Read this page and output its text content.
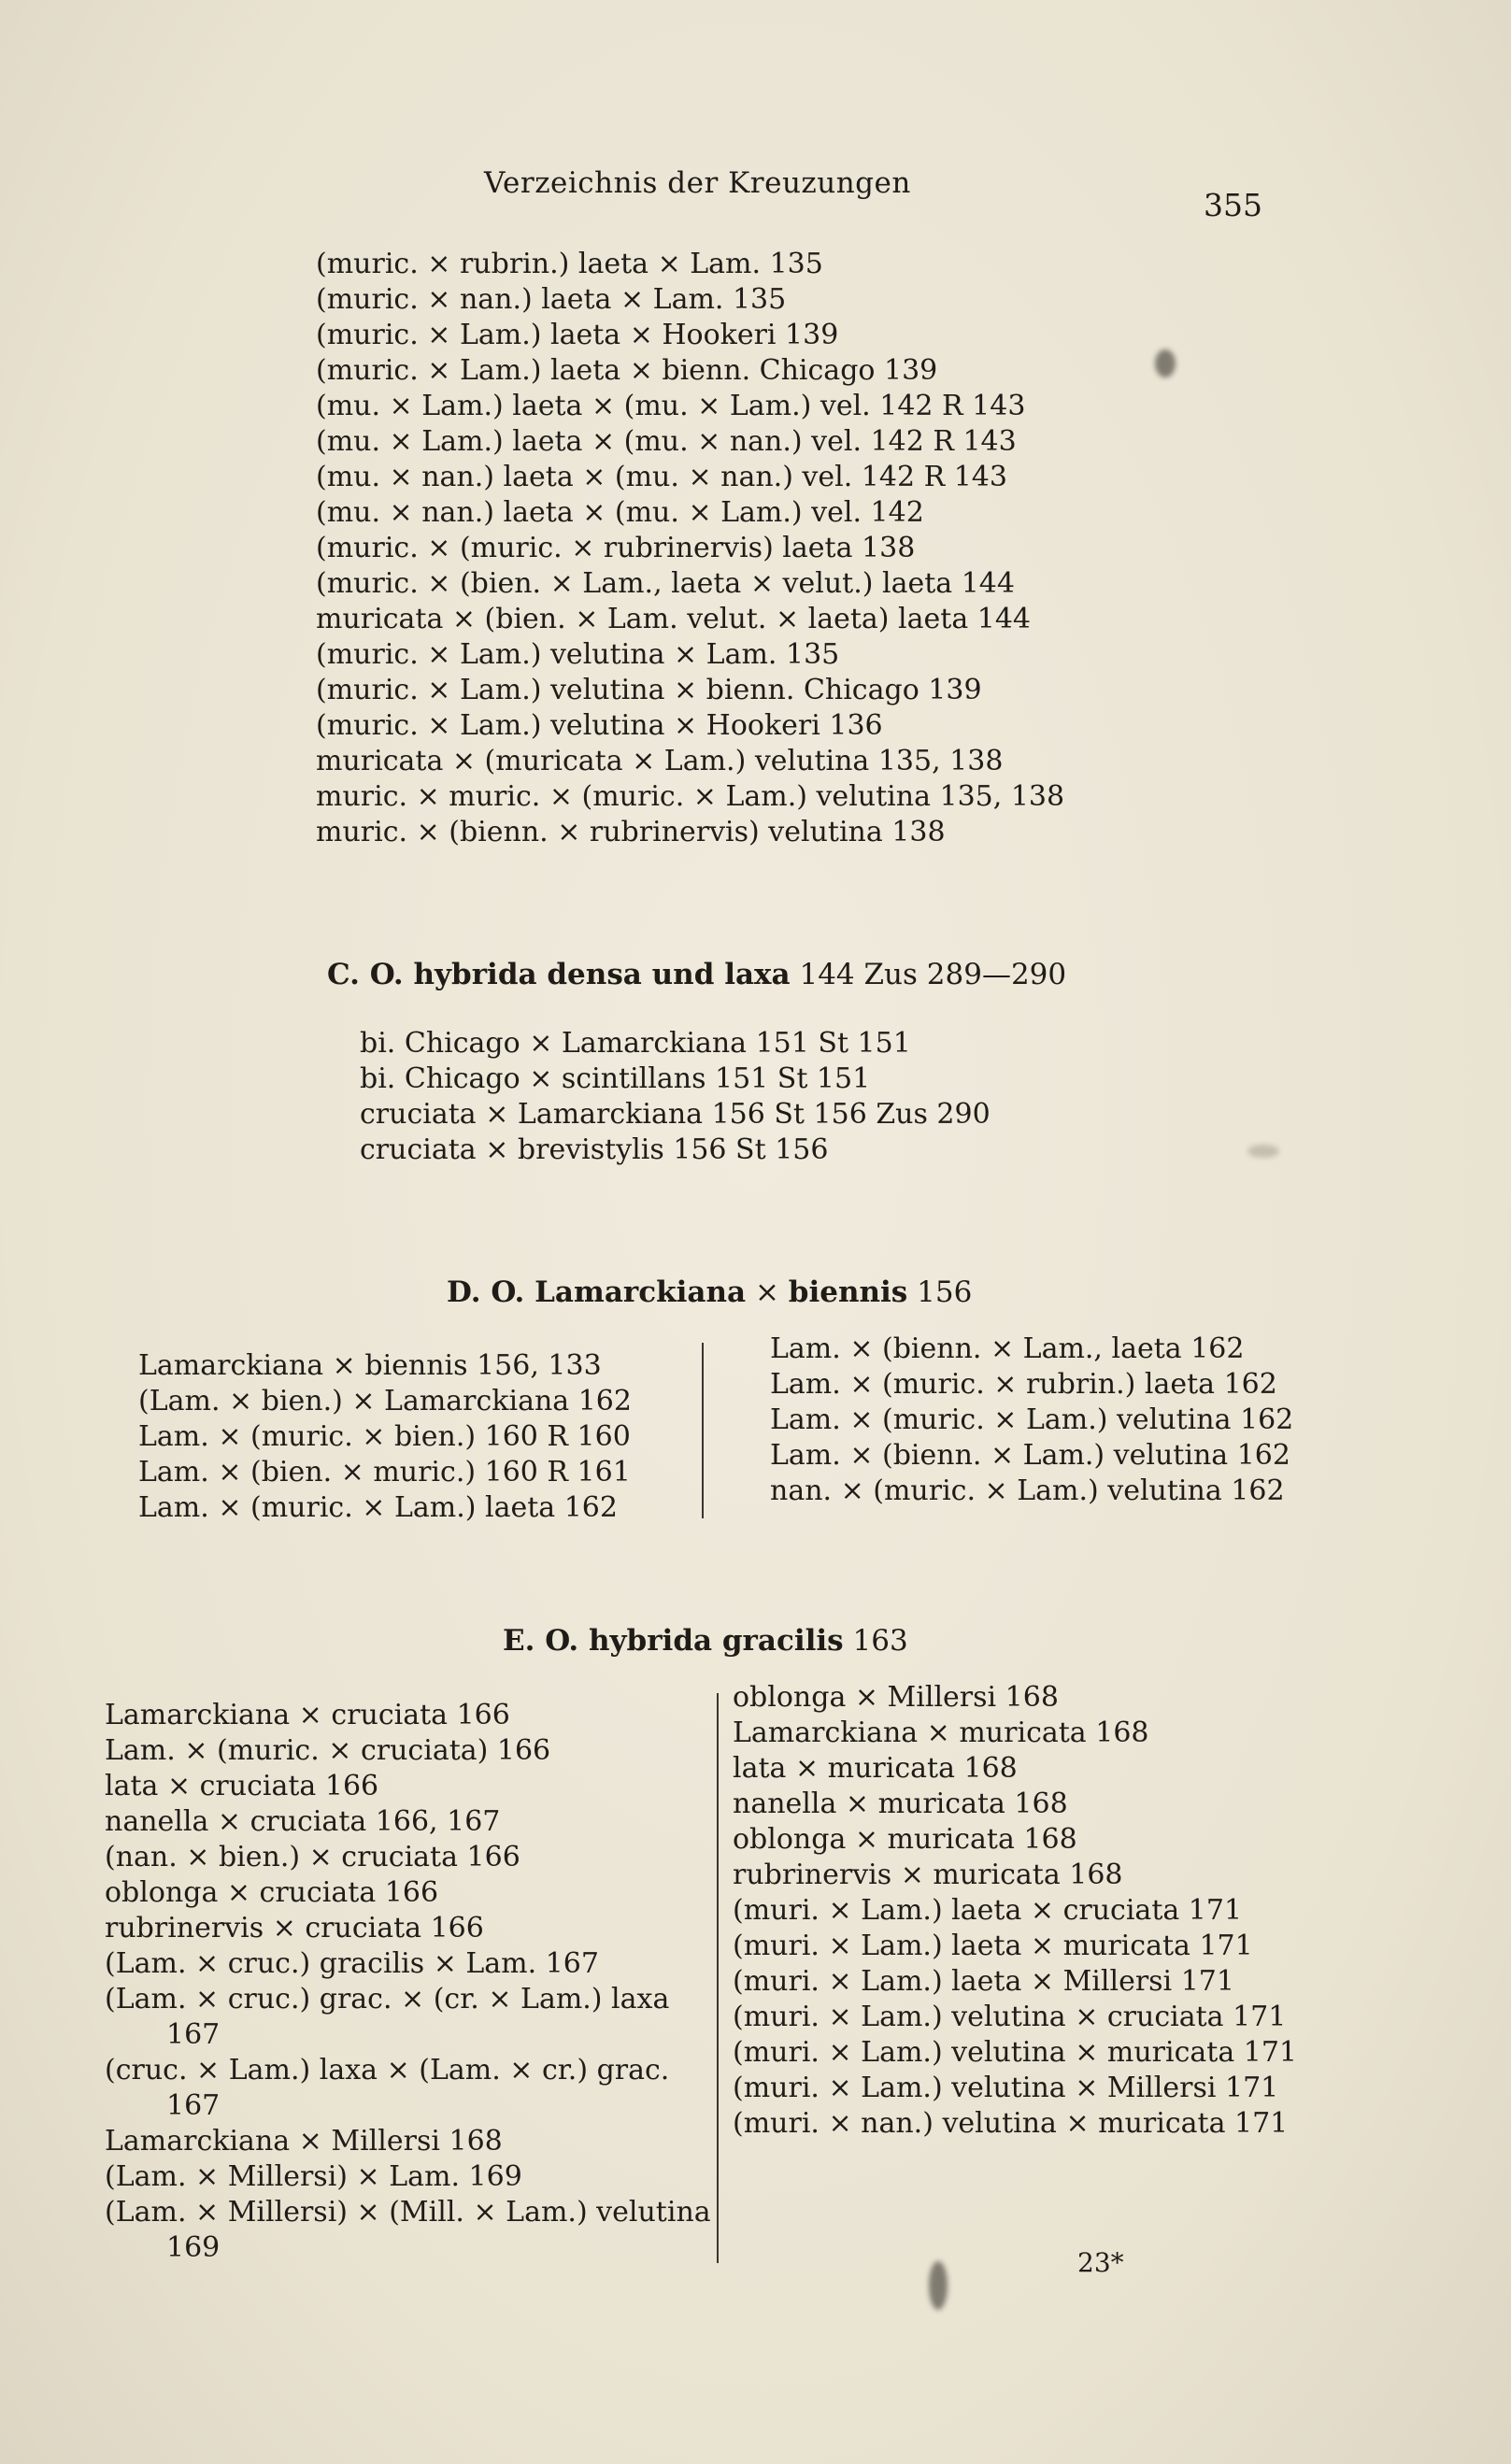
Verzeichnis der Kreuzungen
355
(muric. × rubrin.) laeta × Lam. 135
(muric. × nan.) laeta × Lam. 135
(muric. × Lam.) laeta × Hookeri 139
(muric. × Lam.) laeta × bienn. Chicago 139
(mu. × Lam.) laeta × (mu. × Lam.) vel. 142 R 143
(mu. × Lam.) laeta × (mu. × nan.) vel. 142 R 143
(mu. × nan.) laeta × (mu. × nan.) vel. 142 R 143
(mu. × nan.) laeta × (mu. × Lam.) vel. 142
(muric. × (muric. × rubrinervis) laeta 138
(muric. × (bien. × Lam., laeta × velut.) laeta 144
muricata × (bien. × Lam. velut. × laeta) laeta 144
(muric. × Lam.) velutina × Lam. 135
(muric. × Lam.) velutina × bienn. Chicago 139
(muric. × Lam.) velutina × Hookeri 136
muricata × (muricata × Lam.) velutina 135, 138
muric. × muric. × (muric. × Lam.) velutina 135, 138
muric. × (bienn. × rubrinervis) velutina 138
C. O. hybrida densa und laxa 144 Zus 289—290
bi. Chicago × Lamarckiana 151 St 151
bi. Chicago × scintillans 151 St 151
cruciata × Lamarckiana 156 St 156 Zus 290
cruciata × brevistylis 156 St 156
D. O. Lamarckiana × biennis 156
Lamarckiana × biennis 156, 133
(Lam. × bien.) × Lamarckiana 162
Lam. × (muric. × bien.) 160 R 160
Lam. × (bien. × muric.) 160 R 161
Lam. × (muric. × Lam.) laeta 162
Lam. × (bienn. × Lam., laeta 162
Lam. × (muric. × rubrin.) laeta 162
Lam. × (muric. × Lam.) velutina 162
Lam. × (bienn. × Lam.) velutina 162
nan. × (muric. × Lam.) velutina 162
E. O. hybrida gracilis 163
Lamarckiana × cruciata 166
Lam. × (muric. × cruciata) 166
lata × cruciata 166
nanella × cruciata 166, 167
(nan. × bien.) × cruciata 166
oblonga × cruciata 166
rubrinervis × cruciata 166
(Lam. × cruc.) gracilis × Lam. 167
(Lam. × cruc.) grac. × (cr. × Lam.) laxa
167
(cruc. × Lam.) laxa × (Lam. × cr.) grac.
167
Lamarckiana × Millersi 168
(Lam. × Millersi) × Lam. 169
(Lam. × Millersi) × (Mill. × Lam.) velutina
169
oblonga × Millersi 168
Lamarckiana × muricata 168
lata × muricata 168
nanella × muricata 168
oblonga × muricata 168
rubrinervis × muricata 168
(muri. × Lam.) laeta × cruciata 171
(muri. × Lam.) laeta × muricata 171
(muri. × Lam.) laeta × Millersi 171
(muri. × Lam.) velutina × cruciata 171
(muri. × Lam.) velutina × muricata 171
(muri. × Lam.) velutina × Millersi 171
(muri. × nan.) velutina × muricata 171
23*
